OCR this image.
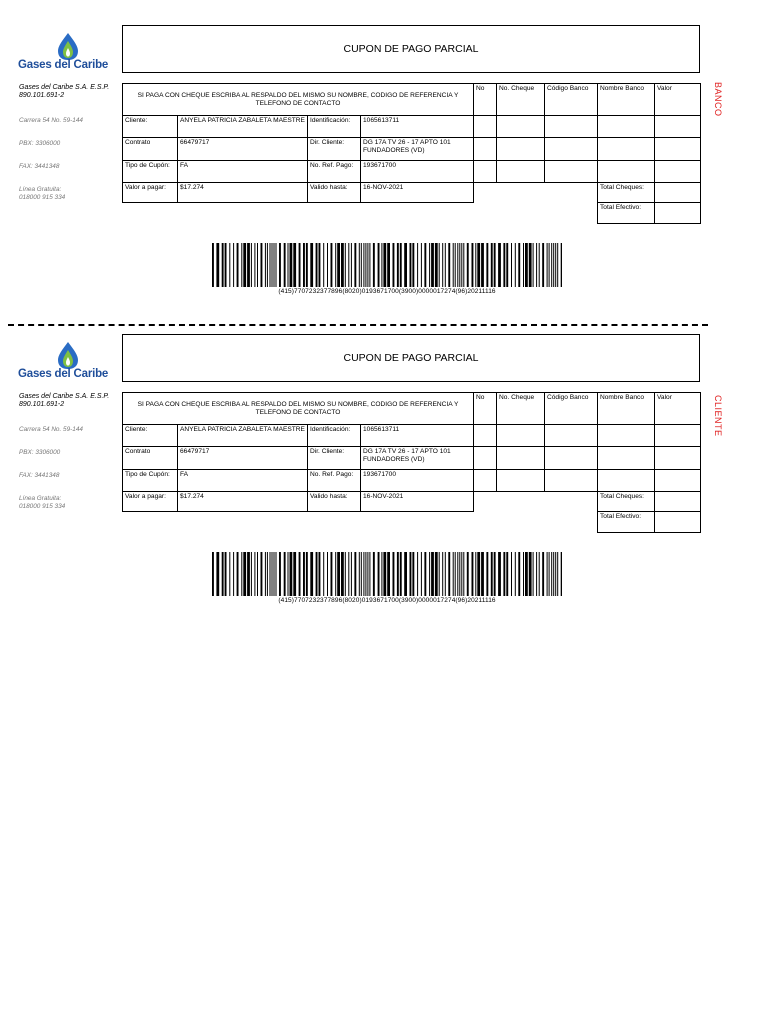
Gases del Caribe
CUPON DE PAGO PARCIAL
Gases del Caribe S.A. E.S.P.
890.101.691-2
Carrera 54 No. 59-144
PBX: 3306000
FAX: 3441348
Línea Gratuita:
018000 915 334
SI PAGA CON CHEQUE ESCRIBA AL RESPALDO DEL MISMO SU NOMBRE, CODIGO DE REFERENCIA Y TELEFONO DE CONTACTO				No	No. Cheque	Código Banco	Nombre Banco	Valor
Cliente:	ANYELA PATRICIA ZABALETA MAESTRE	Identificación:	1065613711					
Contrato	66479717	Dir. Cliente:	DG 17A TV 26 - 17 APTO 101 FUNDADORES (VD)					
Tipo de Cupón:	FA	No. Ref. Pago:	193671700					
Valor a pagar:	$17.274	Valido hasta:	16-NOV-2021				Total Cheques:	
							Total Efectivo:	
BANCO
(415)7707232377896(8020)0193671700(3900)0000017274(96)20211116
Gases del Caribe
CUPON DE PAGO PARCIAL
Gases del Caribe S.A. E.S.P.
890.101.691-2
Carrera 54 No. 59-144
PBX: 3306000
FAX: 3441348
Línea Gratuita:
018000 915 334
SI PAGA CON CHEQUE ESCRIBA AL RESPALDO DEL MISMO SU NOMBRE, CODIGO DE REFERENCIA Y TELEFONO DE CONTACTO				No	No. Cheque	Código Banco	Nombre Banco	Valor
Cliente:	ANYELA PATRICIA ZABALETA MAESTRE	Identificación:	1065613711					
Contrato	66479717	Dir. Cliente:	DG 17A TV 26 - 17 APTO 101 FUNDADORES (VD)					
Tipo de Cupón:	FA	No. Ref. Pago:	193671700					
Valor a pagar:	$17.274	Valido hasta:	16-NOV-2021				Total Cheques:	
							Total Efectivo:	
CLIENTE
(415)7707232377896(8020)0193671700(3900)0000017274(96)20211116
